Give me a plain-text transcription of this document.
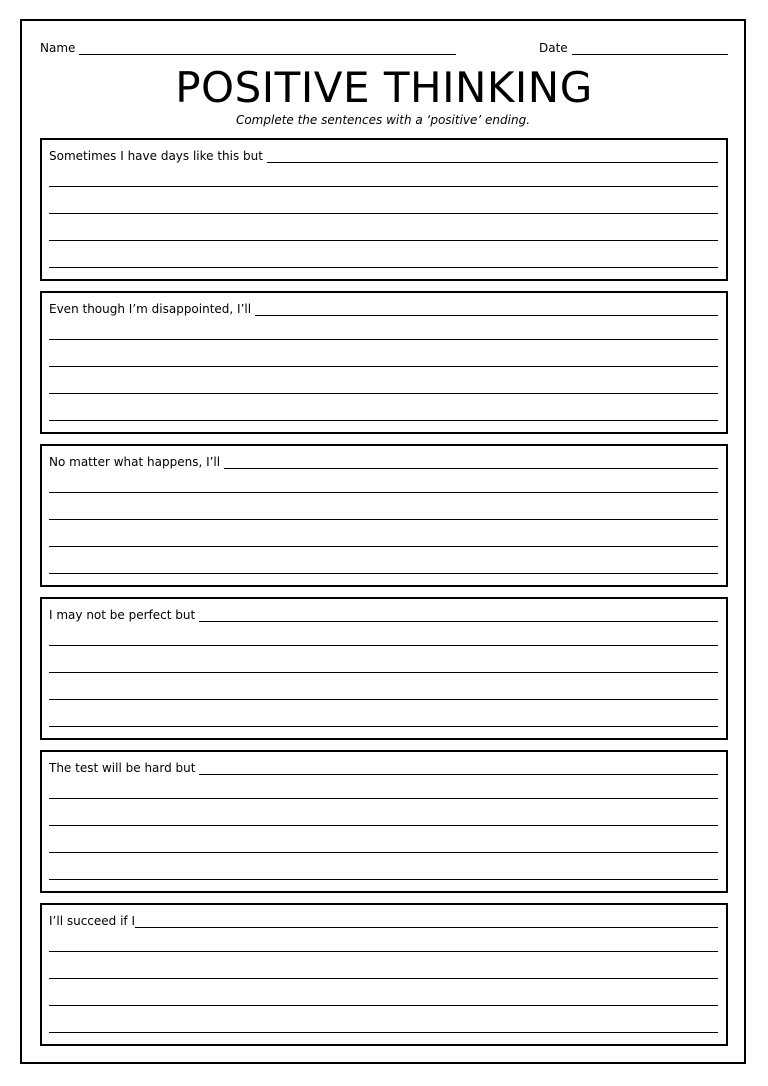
Name	Date
POSITIVE THINKING
Complete the sentences with a ‘positive’ ending.
Sometimes I have days like this but
Even though I’m disappointed, I’ll
No matter what happens, I’ll
I may not be perfect but
The test will be hard but
I’ll succeed if I
